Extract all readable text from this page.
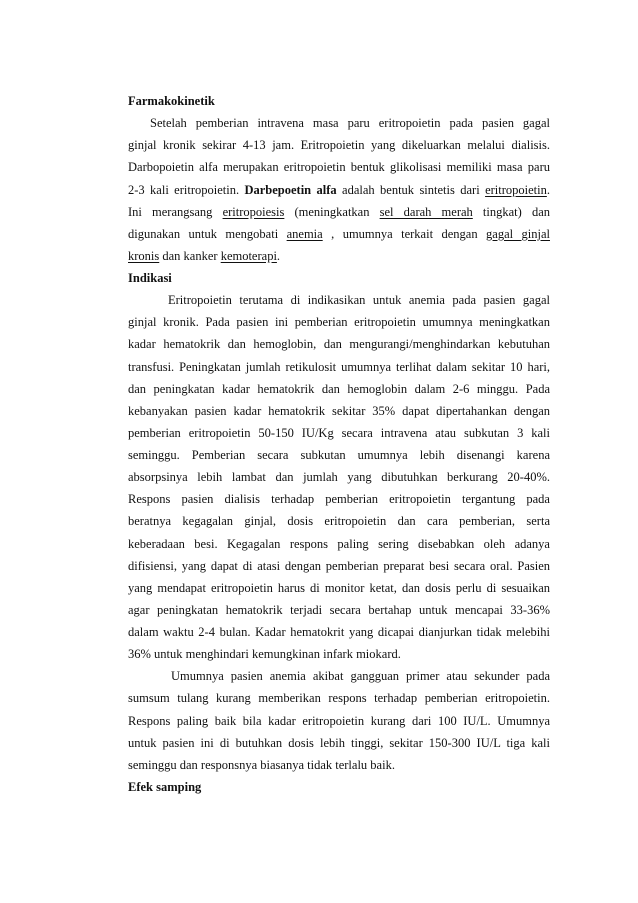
Farmakokinetik
Setelah pemberian intravena masa paru eritropoietin pada pasien gagal
ginjal kronik sekirar 4-13 jam. Eritropoietin yang dikeluarkan melalui dialisis.
Darbopoietin alfa merupakan eritropoietin bentuk glikolisasi memiliki masa paru
2-3 kali eritropoietin. Darbepoetin alfa adalah bentuk sintetis dari eritropoietin.
Ini merangsang eritropoiesis (meningkatkan sel darah merah tingkat) dan
digunakan untuk mengobati anemia , umumnya terkait dengan gagal ginjal
kronis dan kanker kemoterapi.
Indikasi
Eritropoietin terutama di indikasikan untuk anemia pada pasien gagal
ginjal kronik. Pada pasien ini pemberian eritropoietin umumnya meningkatkan
kadar hematokrik dan hemoglobin, dan mengurangi/menghindarkan kebutuhan
transfusi. Peningkatan jumlah retikulosit umumnya terlihat dalam sekitar 10 hari,
dan peningkatan kadar hematokrik dan hemoglobin dalam 2-6 minggu. Pada
kebanyakan pasien kadar hematokrik sekitar 35% dapat dipertahankan dengan
pemberian eritropoietin 50-150 IU/Kg secara intravena atau subkutan 3 kali
seminggu. Pemberian secara subkutan umumnya lebih disenangi karena
absorpsinya lebih lambat dan jumlah yang dibutuhkan berkurang 20-40%.
Respons pasien dialisis terhadap pemberian eritropoietin tergantung pada
beratnya kegagalan ginjal, dosis eritropoietin dan cara pemberian, serta
keberadaan besi. Kegagalan respons paling sering disebabkan oleh adanya
difisiensi, yang dapat di atasi dengan pemberian preparat besi secara oral. Pasien
yang mendapat eritropoietin harus di monitor ketat, dan dosis perlu di sesuaikan
agar peningkatan hematokrik terjadi secara bertahap untuk mencapai 33-36%
dalam waktu 2-4 bulan. Kadar hematokrit yang dicapai dianjurkan tidak melebihi
36% untuk menghindari kemungkinan infark miokard.
Umumnya pasien anemia akibat gangguan primer atau sekunder pada
sumsum tulang kurang memberikan respons terhadap pemberian eritropoietin.
Respons paling baik bila kadar eritropoietin kurang dari 100 IU/L. Umumnya
untuk pasien ini di butuhkan dosis lebih tinggi, sekitar 150-300 IU/L tiga kali
seminggu dan responsnya biasanya tidak terlalu baik.
Efek samping
